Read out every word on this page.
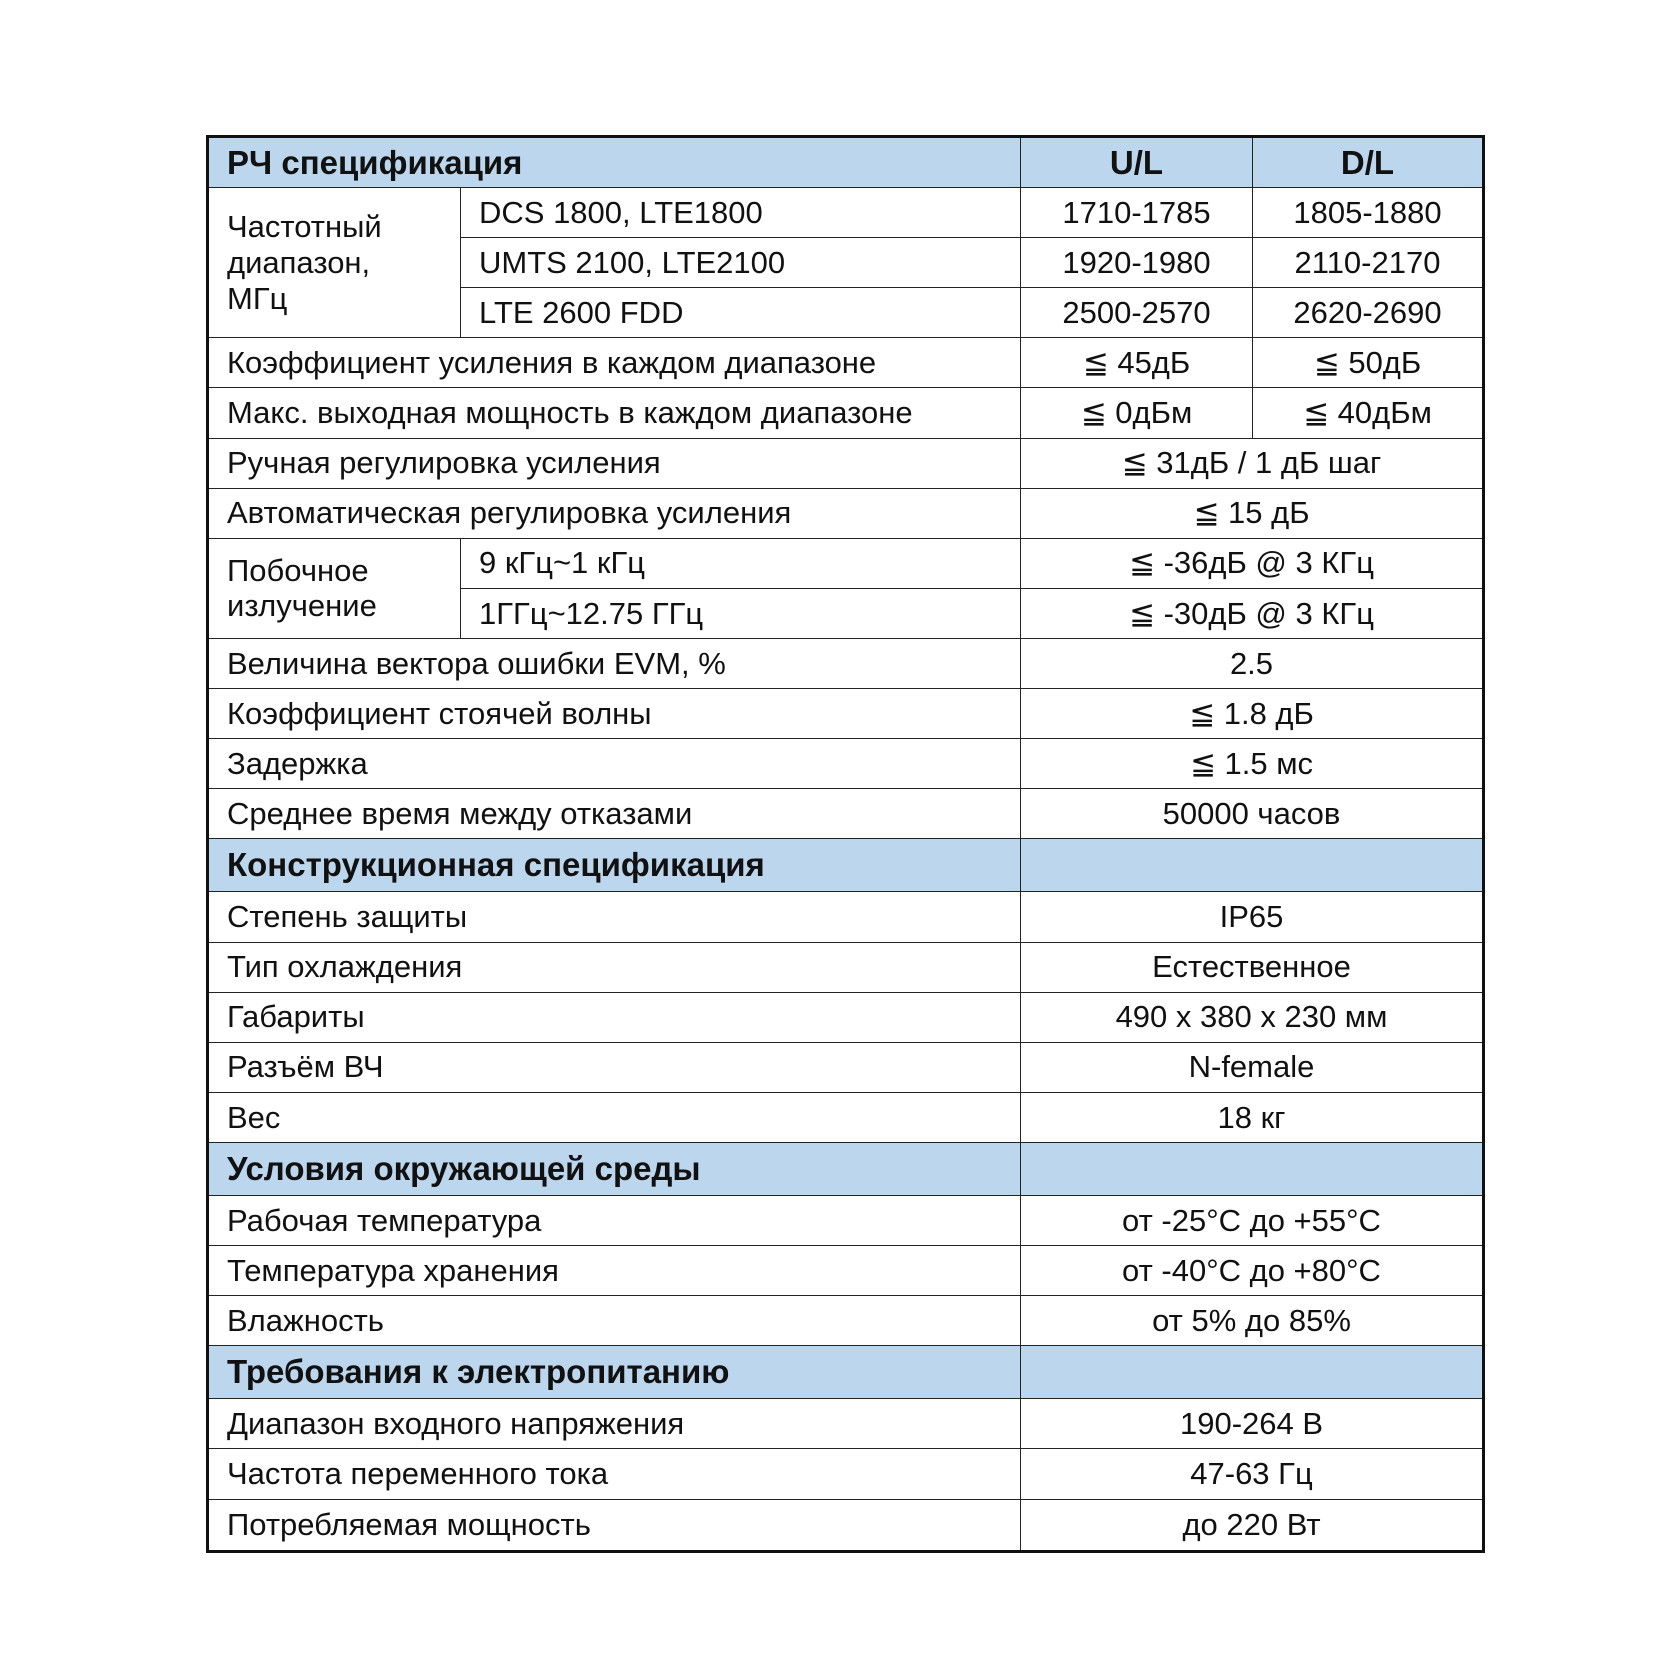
РЧ спецификация		U/L	D/L
Частотный
диапазон,
МГц	DCS 1800, LTE1800	1710-1785	1805-1880
	UMTS 2100, LTE2100	1920-1980	2110-2170
	LTE 2600 FDD	2500-2570	2620-2690
Коэффициент усиления в каждом диапазоне		≦ 45дБ	≦ 50дБ
Макс. выходная мощность в каждом диапазоне		≦ 0дБм	≦ 40дБм
Ручная регулировка усиления		≦ 31дБ / 1 дБ шаг	
Автоматическая регулировка усиления		≦ 15 дБ	
Побочное
излучение	9 кГц~1 кГц	≦ -36дБ @ 3 КГц	
	1ГГц~12.75 ГГц	≦ -30дБ @ 3 КГц	
Величина вектора ошибки EVM, %		2.5	
Коэффициент стоячей волны		≦ 1.8 дБ	
Задержка		≦ 1.5 мс	
Среднее время между отказами		50000 часов	
Конструкционная спецификация			
Степень защиты		IP65	
Тип охлаждения		Естественное	
Габариты		490 x 380 x 230 мм	
Разъём ВЧ		N-female	
Вес		18 кг	
Условия окружающей среды			
Рабочая температура		от -25°C до +55°C	
Температура хранения		от -40°C до +80°C	
Влажность		от 5% до 85%	
Требования к электропитанию			
Диапазон входного напряжения		190-264 В	
Частота переменного тока		47-63 Гц	
Потребляемая мощность		до 220 Вт	
